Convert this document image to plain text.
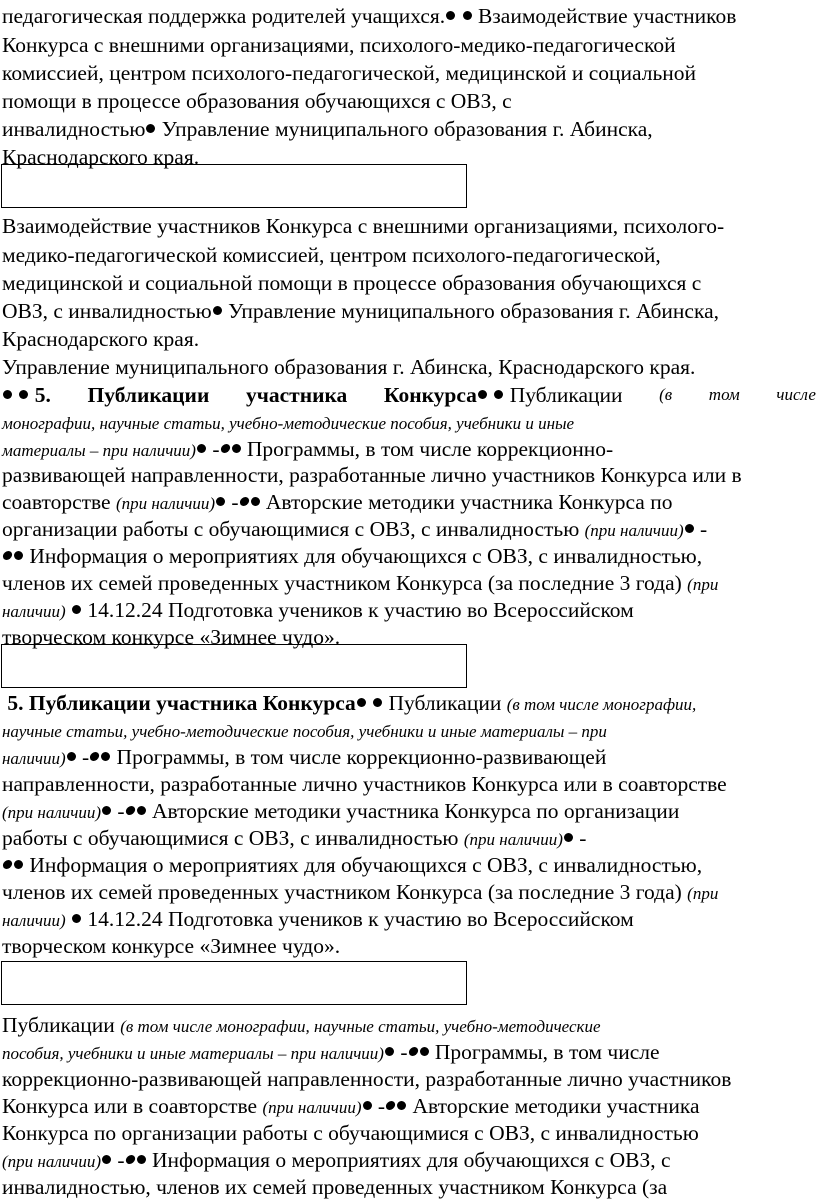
педагогическая поддержка родителей учащихся. Взаимодействие участников
Конкурса с внешними организациями, психолого-медико-педагогической
комиссией, центром психолого-педагогической, медицинской и социальной
помощи в процессе образования обучающихся с ОВЗ, с
инвалидностью Управление муниципального образования г. Абинска,
Краснодарского края.
Взаимодействие участников Конкурса с внешними организациями, психолого-
медико-педагогической комиссией, центром психолого-педагогической,
медицинской и социальной помощи в процессе образования обучающихся с
ОВЗ, с инвалидностью Управление муниципального образования г. Абинска,
Краснодарского края.
Управление муниципального образования г. Абинска, Краснодарского края.
5. Публикации участника Конкурса Публикации (в том числе
монографии, научные статьи, учебно-методические пособия, учебники и иные
материалы – при наличии) - Программы, в том числе коррекционно-
развивающей направленности, разработанные лично участников Конкурса или в
соавторстве (при наличии) - Авторские методики участника Конкурса по
организации работы с обучающимися с ОВЗ, с инвалидностью (при наличии) -
Информация о мероприятиях для обучающихся с ОВЗ, с инвалидностью,
членов их семей проведенных участником Конкурса (за последние 3 года) (при
наличии) 14.12.24 Подготовка учеников к участию во Всероссийском
творческом конкурсе «Зимнее чудо».
5. Публикации участника Конкурса Публикации (в том числе монографии,
научные статьи, учебно-методические пособия, учебники и иные материалы – при
наличии) - Программы, в том числе коррекционно-развивающей
направленности, разработанные лично участников Конкурса или в соавторстве
(при наличии) - Авторские методики участника Конкурса по организации
работы с обучающимися с ОВЗ, с инвалидностью (при наличии) -
Информация о мероприятиях для обучающихся с ОВЗ, с инвалидностью,
членов их семей проведенных участником Конкурса (за последние 3 года) (при
наличии) 14.12.24 Подготовка учеников к участию во Всероссийском
творческом конкурсе «Зимнее чудо».
Публикации (в том числе монографии, научные статьи, учебно-методические
пособия, учебники и иные материалы – при наличии) - Программы, в том числе
коррекционно-развивающей направленности, разработанные лично участников
Конкурса или в соавторстве (при наличии) - Авторские методики участника
Конкурса по организации работы с обучающимися с ОВЗ, с инвалидностью
(при наличии) - Информация о мероприятиях для обучающихся с ОВЗ, с
инвалидностью, членов их семей проведенных участником Конкурса (за
